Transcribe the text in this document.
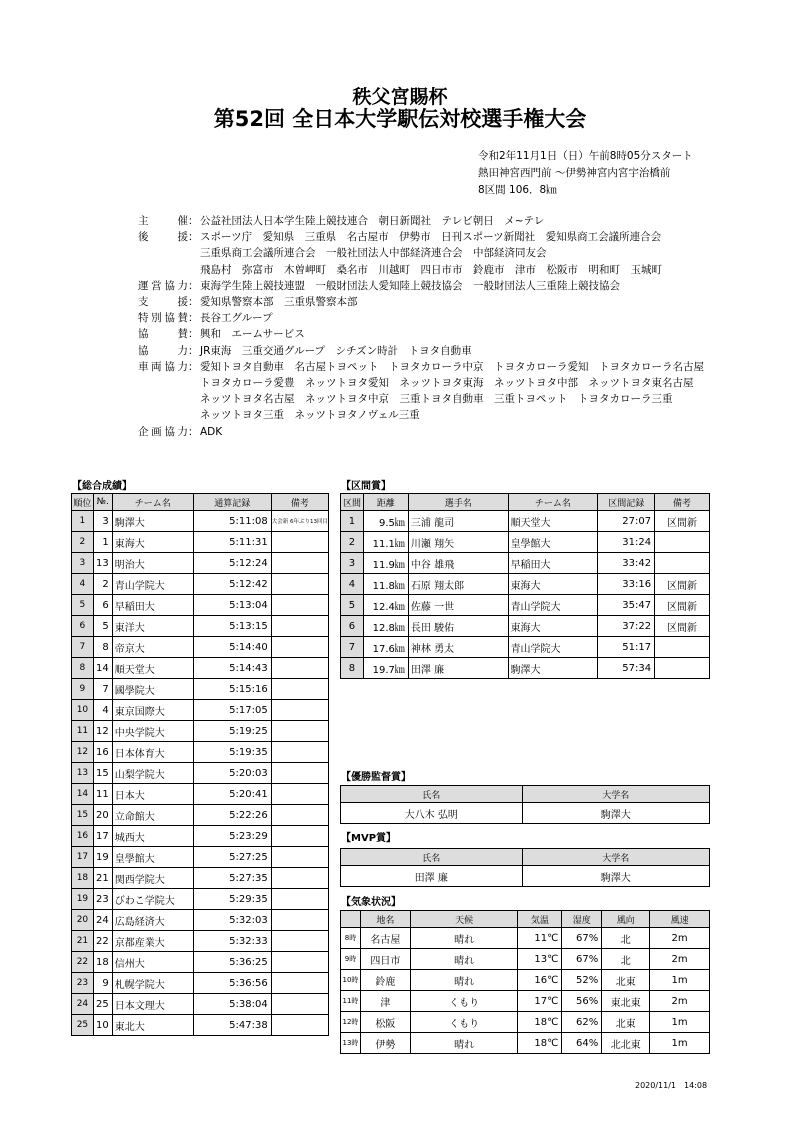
秩父宮賜杯
第52回 全日本大学駅伝対校選手権大会
令和2年11月1日（日）午前8時05分スタート
熱田神宮西門前 ～伊勢神宮内宮宇治橋前
8区間 106．8㎞
主　催 ： 公益社団法人日本学生陸上競技連合　朝日新聞社　テレビ朝日　メ~テレ
後　援 ： スポーツ庁　愛知県　三重県　名古屋市　伊勢市　日刊スポーツ新聞社　愛知県商工会議所連合会
三重県商工会議所連合会　一般社団法人中部経済連合会　中部経済同友会
飛島村　弥富市　木曽岬町　桑名市　川越町　四日市市　鈴鹿市　津市　松阪市　明和町　玉城町
運営協力 ： 東海学生陸上競技連盟　一般財団法人愛知陸上競技協会　一般財団法人三重陸上競技協会
支　援 ： 愛知県警察本部　三重県警察本部
特別協賛 ： 長谷工グループ
協　賛 ： 興和　エームサービス
協　力 ： JR東海　三重交通グループ　シチズン時計　トヨタ自動車
車両協力 ： 愛知トヨタ自動車　名古屋トヨペット　トヨタカローラ中京　トヨタカローラ愛知　トヨタカローラ名古屋
トヨタカローラ愛豊　ネッツトヨタ愛知　ネッツトヨタ東海　ネッツトヨタ中部　ネッツトヨタ東名古屋
ネッツトヨタ名古屋　ネッツトヨタ中京　三重トヨタ自動車　三重トヨペット　トヨタカローラ三重
ネッツトヨタ三重　ネッツトヨタノヴェル三重
企画協力 ： ADK
【総合成績】
順位	№.	チーム名	通算記録	備考
1	3	駒澤大	5:11:08	大会新 6年ぶり13回目
2	1	東海大	5:11:31	
3	13	明治大	5:12:24	
4	2	青山学院大	5:12:42	
5	6	早稲田大	5:13:04	
6	5	東洋大	5:13:15	
7	8	帝京大	5:14:40	
8	14	順天堂大	5:14:43	
9	7	國學院大	5:15:16	
10	4	東京国際大	5:17:05	
11	12	中央学院大	5:19:25	
12	16	日本体育大	5:19:35	
13	15	山梨学院大	5:20:03	
14	11	日本大	5:20:41	
15	20	立命館大	5:22:26	
16	17	城西大	5:23:29	
17	19	皇學館大	5:27:25	
18	21	関西学院大	5:27:35	
19	23	びわこ学院大	5:29:35	
20	24	広島経済大	5:32:03	
21	22	京都産業大	5:32:33	
22	18	信州大	5:36:25	
23	9	札幌学院大	5:36:56	
24	25	日本文理大	5:38:04	
25	10	東北大	5:47:38	
【区間賞】
区間	距離	選手名	チーム名	区間記録	備考
1	9.5㎞	三浦 龍司	順天堂大	27:07	区間新
2	11.1㎞	川瀬 翔矢	皇學館大	31:24	
3	11.9㎞	中谷 雄飛	早稲田大	33:42	
4	11.8㎞	石原 翔太郎	東海大	33:16	区間新
5	12.4㎞	佐藤 一世	青山学院大	35:47	区間新
6	12.8㎞	長田 駿佑	東海大	37:22	区間新
7	17.6㎞	神林 勇太	青山学院大	51:17	
8	19.7㎞	田澤 廉	駒澤大	57:34	
【優勝監督賞】
氏名	大学名
大八木 弘明	駒澤大
【MVP賞】
氏名	大学名
田澤 廉	駒澤大
【気象状況】
	地名	天候	気温	湿度	風向	風速
8時	名古屋	晴れ	11℃	67%	北	2m
9時	四日市	晴れ	13℃	67%	北	2m
10時	鈴鹿	晴れ	16℃	52%	北東	1m
11時	津	くもり	17℃	56%	東北東	2m
12時	松阪	くもり	18℃	62%	北東	1m
13時	伊勢	晴れ	18℃	64%	北北東	1m
2020/11/1　14:08
